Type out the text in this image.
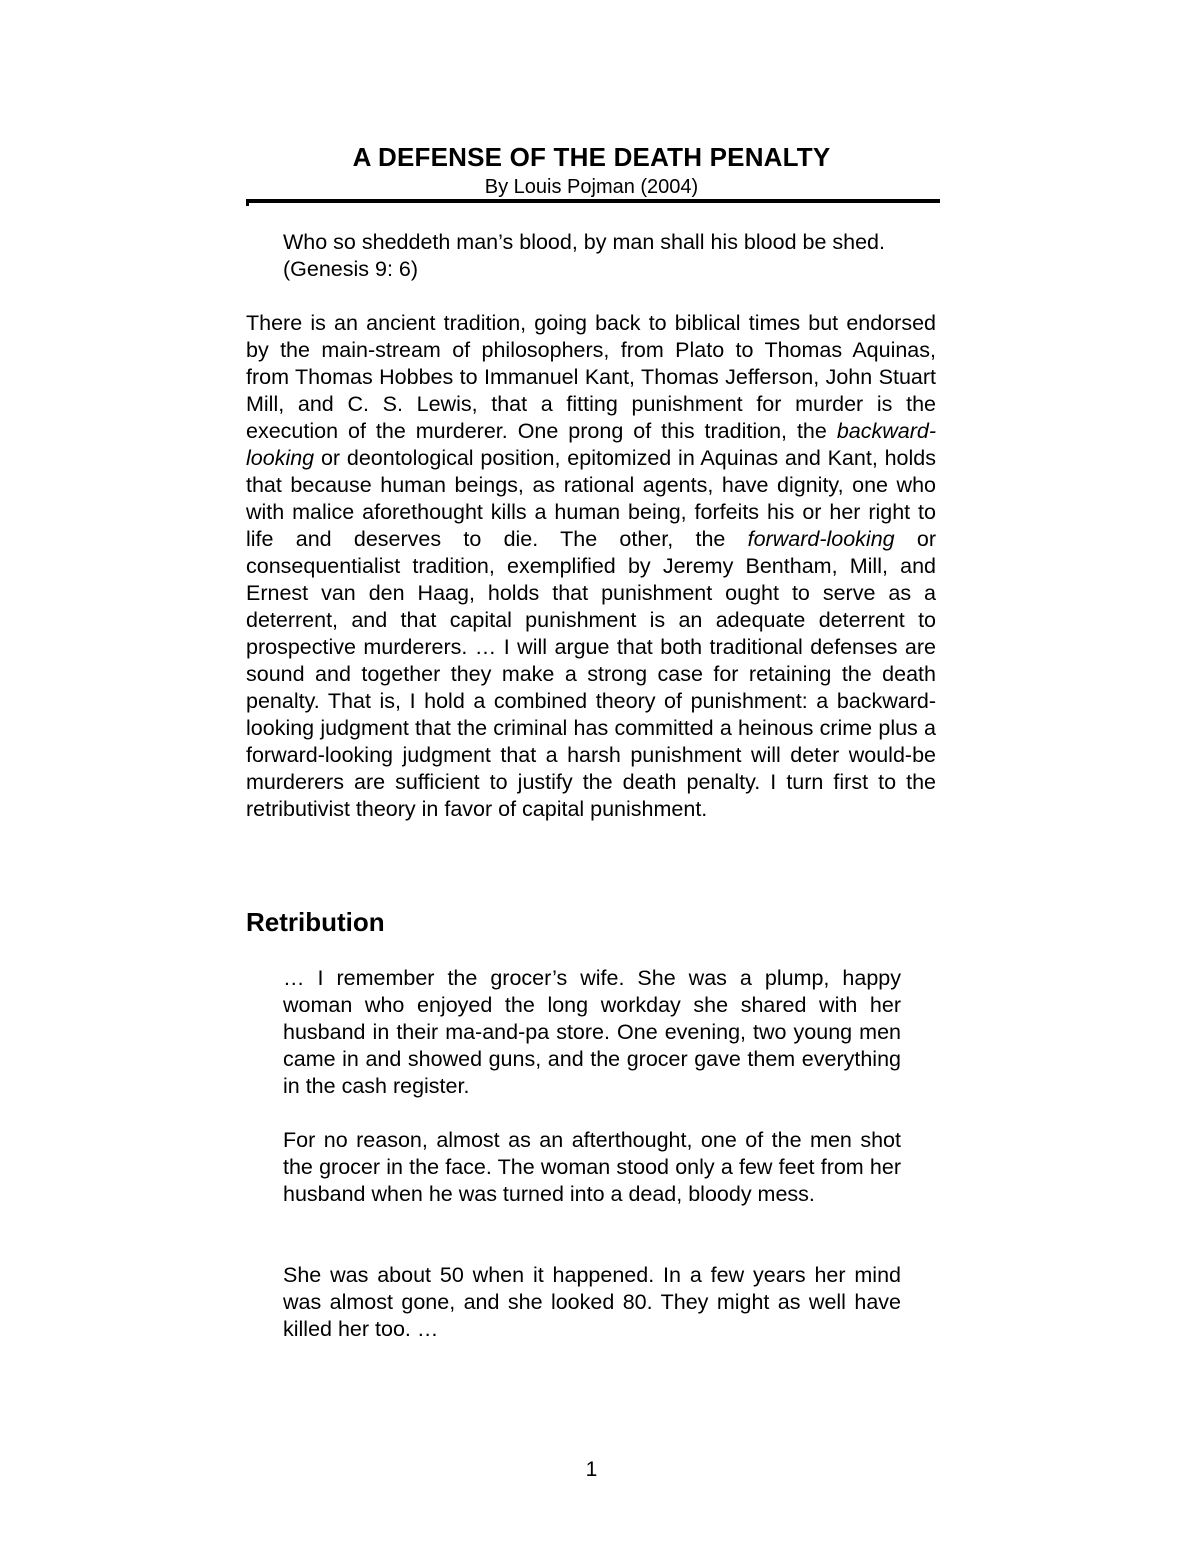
A DEFENSE OF THE DEATH PENALTY
By Louis Pojman (2004)

Who so sheddeth man’s blood, by man shall his blood be shed. (Genesis 9: 6)

There is an ancient tradition, going back to biblical times but endorsed by the main-stream of philosophers, from Plato to Thomas Aquinas, from Thomas Hobbes to Immanuel Kant, Thomas Jefferson, John Stuart Mill, and C. S. Lewis, that a fitting punishment for murder is the execution of the murderer. One prong of this tradition, the backward-looking or deontological position, epitomized in Aquinas and Kant, holds that because human beings, as rational agents, have dignity, one who with malice aforethought kills a human being, forfeits his or her right to life and deserves to die. The other, the forward-looking or consequentialist tradition, exemplified by Jeremy Bentham, Mill, and Ernest van den Haag, holds that punishment ought to serve as a deterrent, and that capital punishment is an adequate deterrent to prospective murderers. … I will argue that both traditional defenses are sound and together they make a strong case for retaining the death penalty. That is, I hold a combined theory of punishment: a backward-looking judgment that the criminal has committed a heinous crime plus a forward-looking judgment that a harsh punishment will deter would-be murderers are sufficient to justify the death penalty. I turn first to the retributivist theory in favor of capital punishment.

Retribution

… I remember the grocer’s wife. She was a plump, happy woman who enjoyed the long workday she shared with her husband in their ma-and-pa store. One evening, two young men came in and showed guns, and the grocer gave them everything in the cash register.

For no reason, almost as an afterthought, one of the men shot the grocer in the face. The woman stood only a few feet from her husband when he was turned into a dead, bloody mess.

She was about 50 when it happened. In a few years her mind was almost gone, and she looked 80. They might as well have killed her too. …

1
